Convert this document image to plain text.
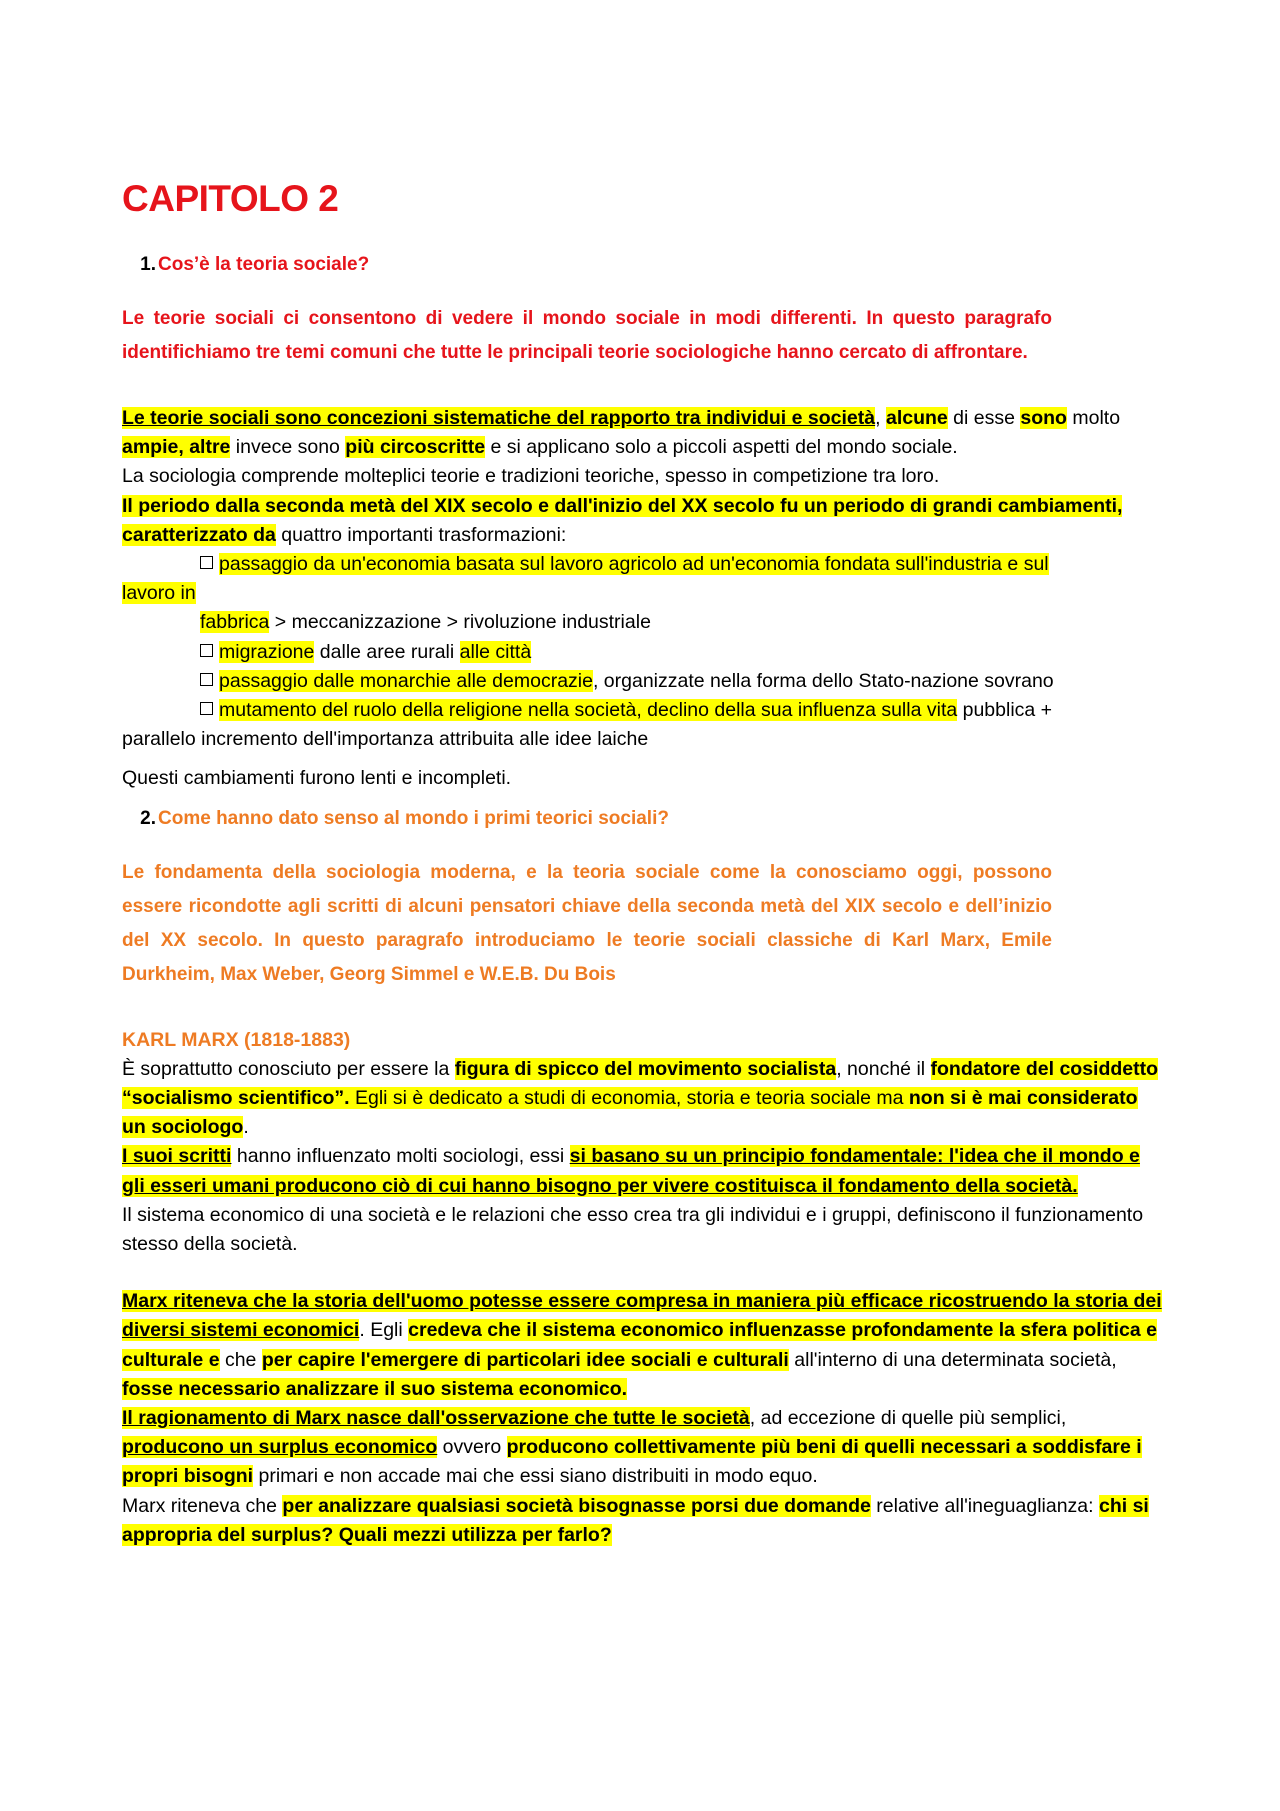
CAPITOLO 2
1. Cos’è la teoria sociale?

Le teorie sociali ci consentono di vedere il mondo sociale in modi differenti. In questo paragrafo identifichiamo tre temi comuni che tutte le principali teorie sociologiche hanno cercato di affrontare.

Le teorie sociali sono concezioni sistematiche del rapporto tra individui e società, alcune di esse sono molto ampie, altre invece sono più circoscritte e si applicano solo a piccoli aspetti del mondo sociale.

La sociologia comprende molteplici teorie e tradizioni teoriche, spesso in competizione tra loro.

Il periodo dalla seconda metà del XIX secolo e dall'inizio del XX secolo fu un periodo di grandi cambiamenti, caratterizzato da quattro importanti trasformazioni:

passaggio da un'economia basata sul lavoro agricolo ad un'economia fondata sull'industria e sul

lavoro in

fabbrica > meccanizzazione > rivoluzione industriale

migrazione dalle aree rurali alle città

passaggio dalle monarchie alle democrazie, organizzate nella forma dello Stato-nazione sovrano

mutamento del ruolo della religione nella società, declino della sua influenza sulla vita pubblica +

parallelo incremento dell'importanza attribuita alle idee laiche

Questi cambiamenti furono lenti e incompleti.

2. Come hanno dato senso al mondo i primi teorici sociali?

Le fondamenta della sociologia moderna, e la teoria sociale come la conosciamo oggi, possono essere ricondotte agli scritti di alcuni pensatori chiave della seconda metà del XIX secolo e dell’inizio del XX secolo. In questo paragrafo introduciamo le teorie sociali classiche di Karl Marx, Emile Durkheim, Max Weber, Georg Simmel e W.E.B. Du Bois

KARL MARX (1818-1883)

È soprattutto conosciuto per essere la figura di spicco del movimento socialista, nonché il fondatore del cosiddetto “socialismo scientifico”. Egli si è dedicato a studi di economia, storia e teoria sociale ma non si è mai considerato un sociologo.

I suoi scritti hanno influenzato molti sociologi, essi si basano su un principio fondamentale: l'idea che il mondo e gli esseri umani producono ciò di cui hanno bisogno per vivere costituisca il fondamento della società.

Il sistema economico di una società e le relazioni che esso crea tra gli individui e i gruppi, definiscono il funzionamento stesso della società.

Marx riteneva che la storia dell'uomo potesse essere compresa in maniera più efficace ricostruendo la storia dei diversi sistemi economici. Egli credeva che il sistema economico influenzasse profondamente la sfera politica e culturale e che per capire l'emergere di particolari idee sociali e culturali all'interno di una determinata società, fosse necessario analizzare il suo sistema economico.

Il ragionamento di Marx nasce dall'osservazione che tutte le società, ad eccezione di quelle più semplici, producono un surplus economico ovvero producono collettivamente più beni di quelli necessari a soddisfare i propri bisogni primari e non accade mai che essi siano distribuiti in modo equo.

Marx riteneva che per analizzare qualsiasi società bisognasse porsi due domande relative all'ineguaglianza: chi si appropria del surplus? Quali mezzi utilizza per farlo?
